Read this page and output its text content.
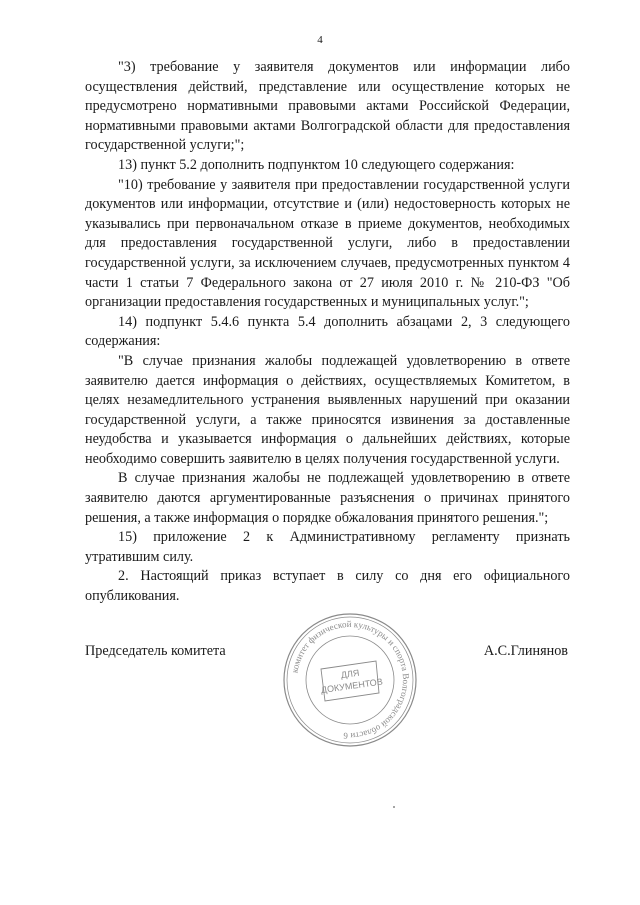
4

"3) требование у заявителя документов или информации либо осуществления действий, представление или осуществление которых не предусмотрено нормативными правовыми актами Российской Федерации, нормативными правовыми актами Волгоградской области для предоставления государственной услуги;";

13) пункт 5.2 дополнить подпунктом 10 следующего содержания:

"10) требование у заявителя при предоставлении государственной услуги документов или информации, отсутствие и (или) недостоверность которых не указывались при первоначальном отказе в приеме документов, необходимых для предоставления государственной услуги, либо в предоставлении государственной услуги, за исключением случаев, предусмотренных пунктом 4 части 1 статьи 7 Федерального закона от 27 июля 2010 г. № 210-ФЗ "Об организации предоставления государственных и муниципальных услуг.";

14) подпункт 5.4.6 пункта 5.4 дополнить абзацами 2, 3 следующего содержания:

"В случае признания жалобы подлежащей удовлетворению в ответе заявителю дается информация о действиях, осуществляемых Комитетом, в целях незамедлительного устранения выявленных нарушений при оказании государственной услуги, а также приносятся извинения за доставленные неудобства и указывается информация о дальнейших действиях, которые необходимо совершить заявителю в целях получения государственной услуги.

В случае признания жалобы не подлежащей удовлетворению в ответе заявителю даются аргументированные разъяснения о причинах принятого решения, а также информация о порядке обжалования принятого решения.";

15) приложение 2 к Административному регламенту признать утратившим силу.

2. Настоящий приказ вступает в силу со дня его официального опубликования.

Председатель комитета
комитет физической культуры и спорта Волгоградской области 6
ДЛЯ
ДОКУМЕНТОВ
А.С.Глинянов
